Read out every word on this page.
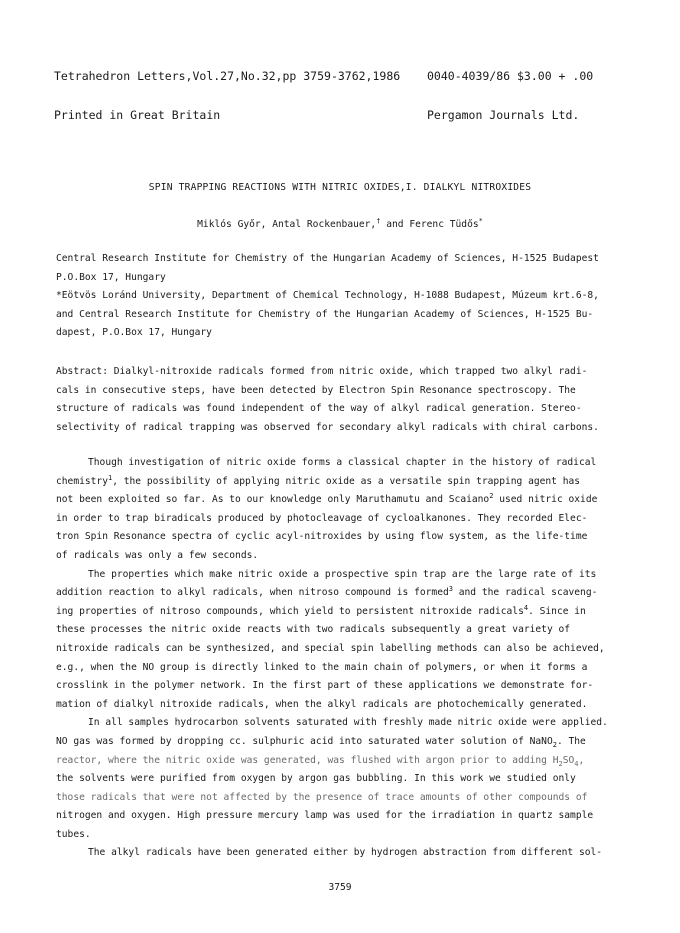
Tetrahedron Letters,Vol.27,No.32,pp 3759-3762,1986

Printed in Great Britain

0040-4039/86 $3.00 + .00

Pergamon Journals Ltd.

SPIN TRAPPING REACTIONS WITH NITRIC OXIDES,I. DIALKYL NITROXIDES
Miklós Győr, Antal Rockenbauer,† and Ferenc Tüdős*
Central Research Institute for Chemistry of the Hungarian Academy of Sciences, H-1525 Budapest
P.O.Box 17, Hungary
*Eötvös Loránd University, Department of Chemical Technology, H-1088 Budapest, Múzeum krt.6-8,
and Central Research Institute for Chemistry of the Hungarian Academy of Sciences, H-1525 Bu-
dapest, P.O.Box 17, Hungary
Abstract: Dialkyl-nitroxide radicals formed from nitric oxide, which trapped two alkyl radi-
cals in consecutive steps, have been detected by Electron Spin Resonance spectroscopy. The
structure of radicals was found independent of the way of alkyl radical generation. Stereo-
selectivity of radical trapping was observed for secondary alkyl radicals with chiral carbons.
Though investigation of nitric oxide forms a classical chapter in the history of radical
chemistry$^1$, the possibility of applying nitric oxide as a versatile spin trapping agent has
not been exploited so far. As to our knowledge only Maruthamutu and Scaiano$^2$ used nitric oxide
in order to trap biradicals produced by photocleavage of cycloalkanones. They recorded Elec-
tron Spin Resonance spectra of cyclic acyl-nitroxides by using flow system, as the life-time
of radicals was only a few seconds.
The properties which make nitric oxide a prospective spin trap are the large rate of its
addition reaction to alkyl radicals, when nitroso compound is formed$^3$ and the radical scaveng-
ing properties of nitroso compounds, which yield to persistent nitroxide radicals$^4$. Since in
these processes the nitric oxide reacts with two radicals subsequently a great variety of
nitroxide radicals can be synthesized, and special spin labelling methods can also be achieved,
e.g., when the NO group is directly linked to the main chain of polymers, or when it forms a
crosslink in the polymer network. In the first part of these applications we demonstrate for-
mation of dialkyl nitroxide radicals, when the alkyl radicals are photochemically generated.
In all samples hydrocarbon solvents saturated with freshly made nitric oxide were applied.
NO gas was formed by dropping cc. sulphuric acid into saturated water solution of NaNO$_2$. The
reactor, where the nitric oxide was generated, was flushed with argon prior to adding $H_2SO_4$,
the solvents were purified from oxygen by argon gas bubbling. In this work we studied only
those radicals that were not affected by the presence of trace amounts of other compounds of
nitrogen and oxygen. High pressure mercury lamp was used for the irradiation in quartz sample
tubes.
The alkyl radicals have been generated either by hydrogen abstraction from different sol-
3759
